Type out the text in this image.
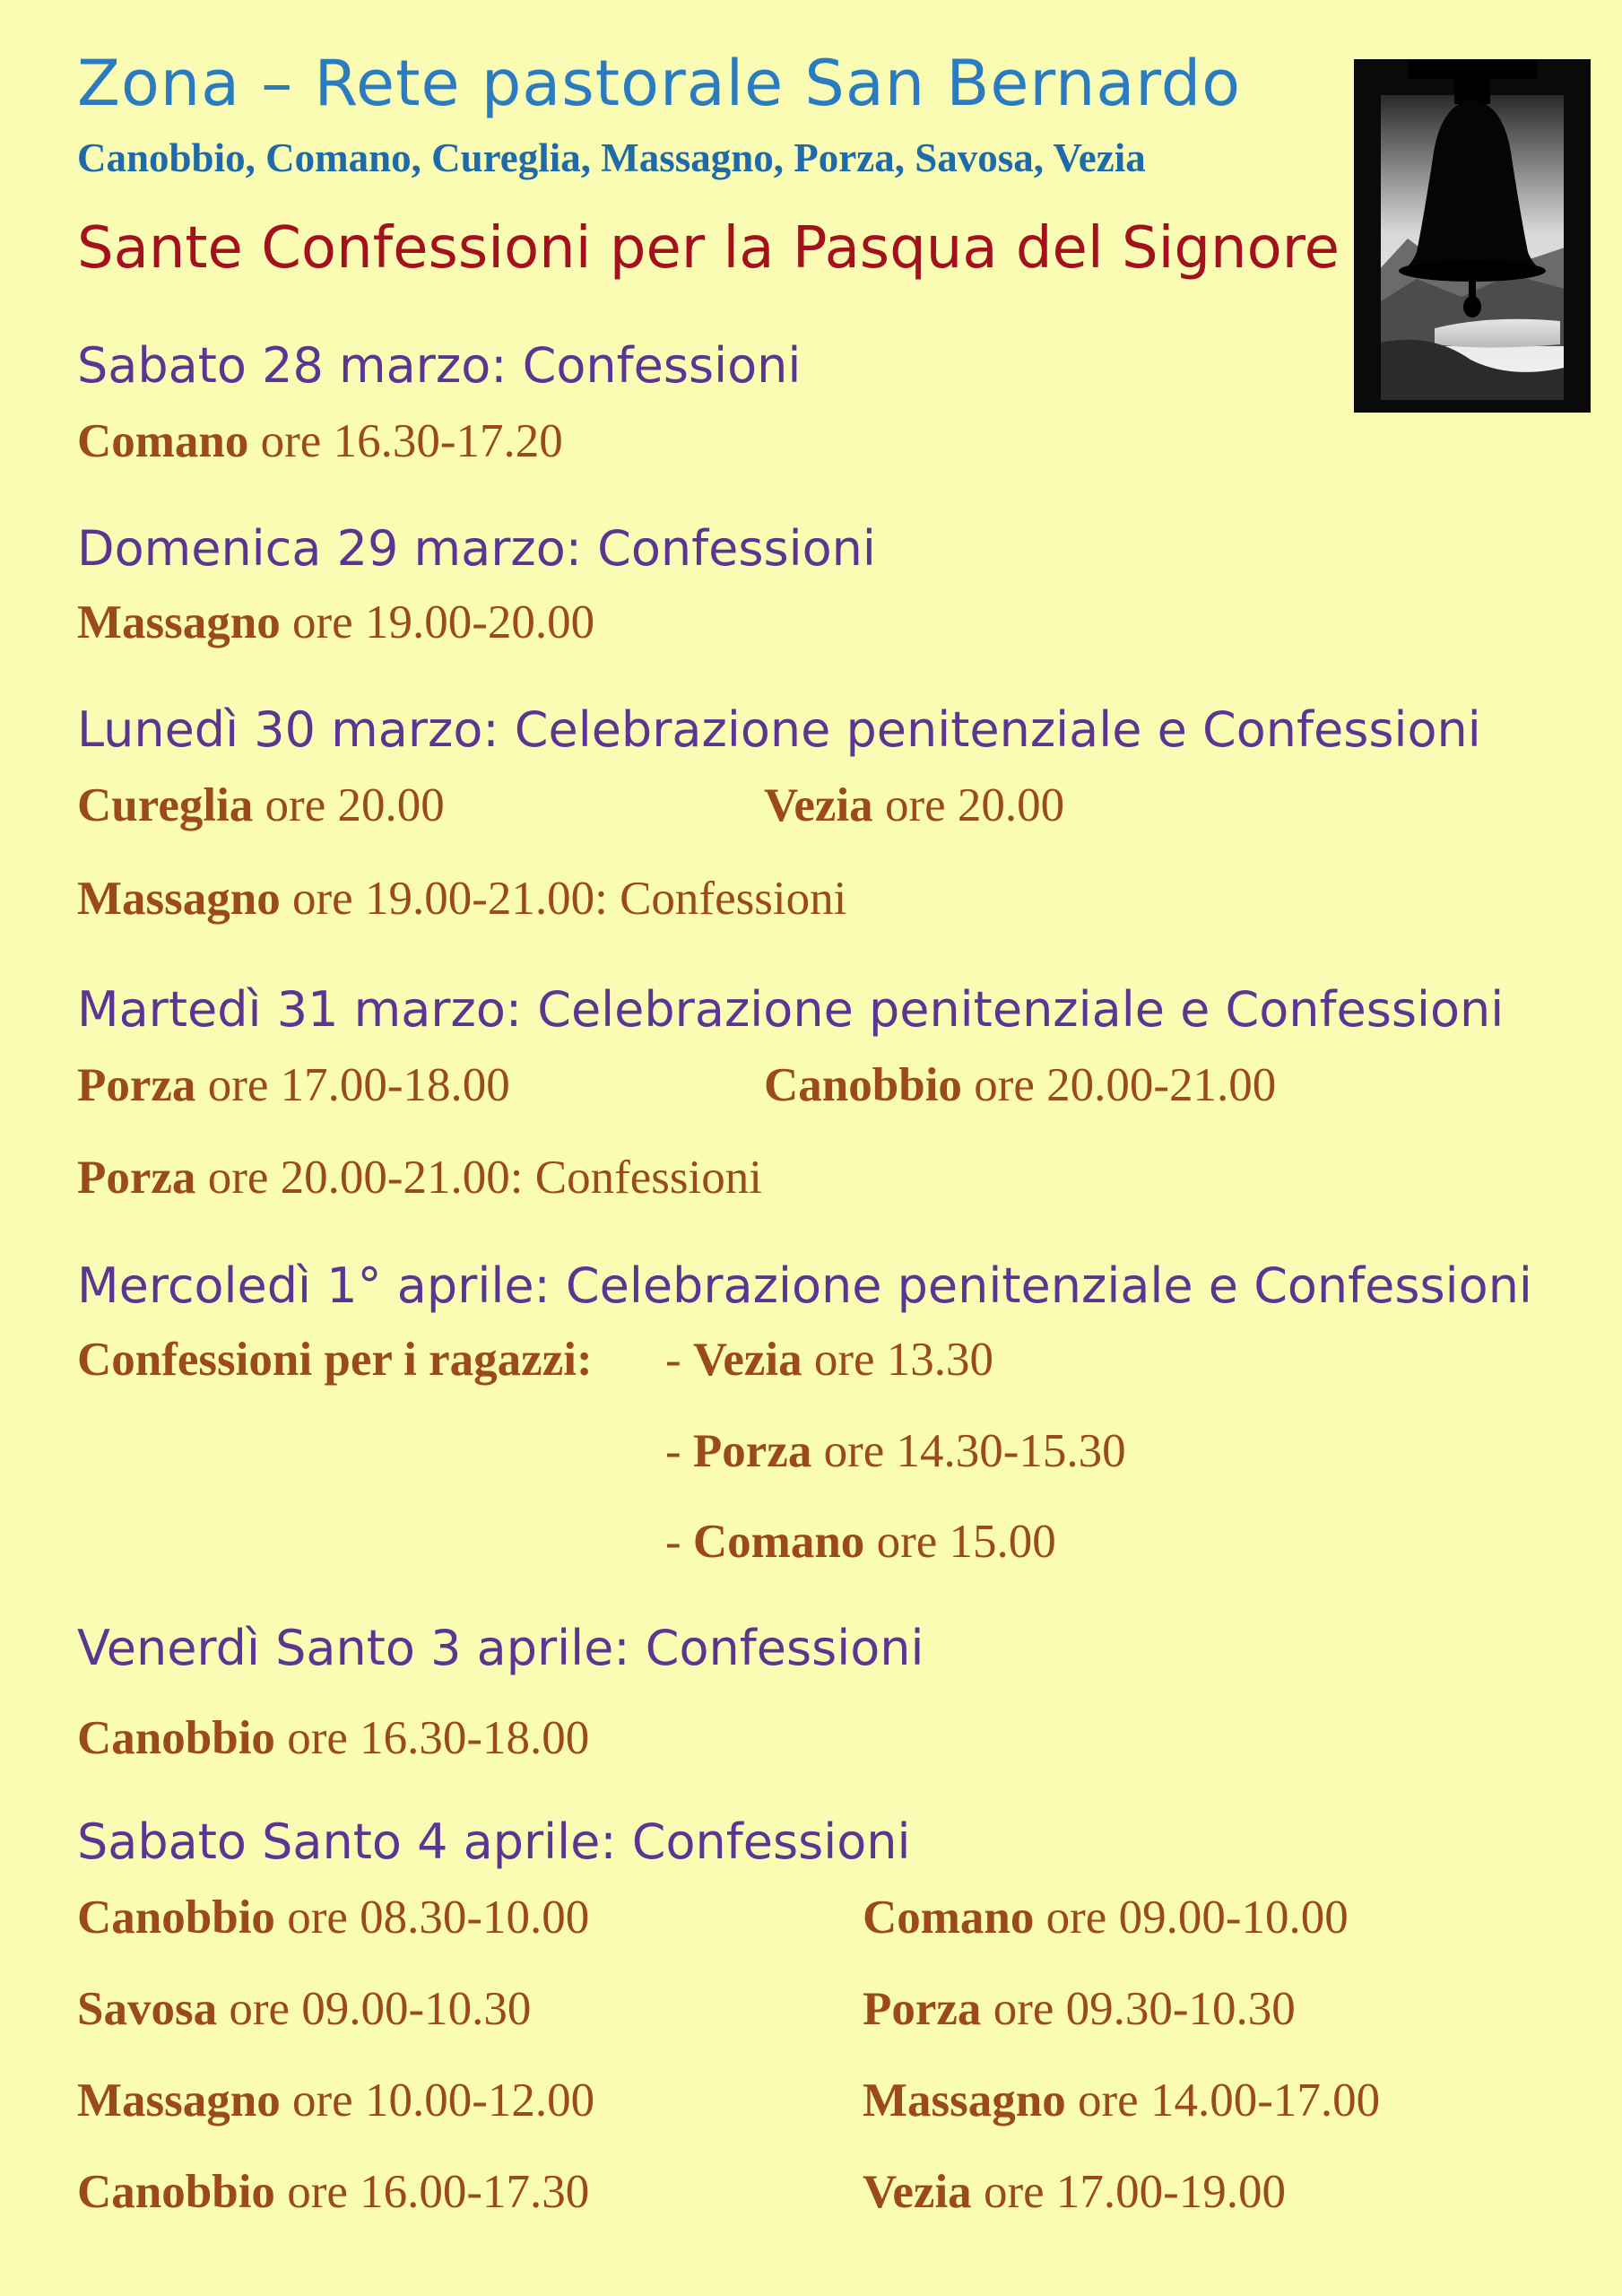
Zona – Rete pastorale San Bernardo
Canobbio, Comano, Cureglia, Massagno, Porza, Savosa, Vezia
Sante Confessioni per la Pasqua del Signore
Sabato 28 marzo: Confessioni
Comano ore 16.30-17.20
Domenica 29 marzo: Confessioni
Massagno ore 19.00-20.00
Lunedì 30 marzo: Celebrazione penitenziale e Confessioni
Cureglia ore 20.00	Vezia ore 20.00
Massagno ore 19.00-21.00: Confessioni
Martedì 31 marzo: Celebrazione penitenziale e Confessioni
Porza ore 17.00-18.00	Canobbio ore 20.00-21.00
Porza ore 20.00-21.00: Confessioni
Mercoledì 1° aprile: Celebrazione penitenziale e Confessioni
Confessioni per i ragazzi: - Vezia ore 13.30
- Porza ore 14.30-15.30
- Comano ore 15.00
Venerdì Santo 3 aprile: Confessioni
Canobbio ore 16.30-18.00
Sabato Santo 4 aprile: Confessioni
Canobbio ore 08.30-10.00	Comano ore 09.00-10.00
Savosa ore 09.00-10.30	Porza ore 09.30-10.30
Massagno ore 10.00-12.00	Massagno ore 14.00-17.00
Canobbio ore 16.00-17.30	Vezia ore 17.00-19.00
